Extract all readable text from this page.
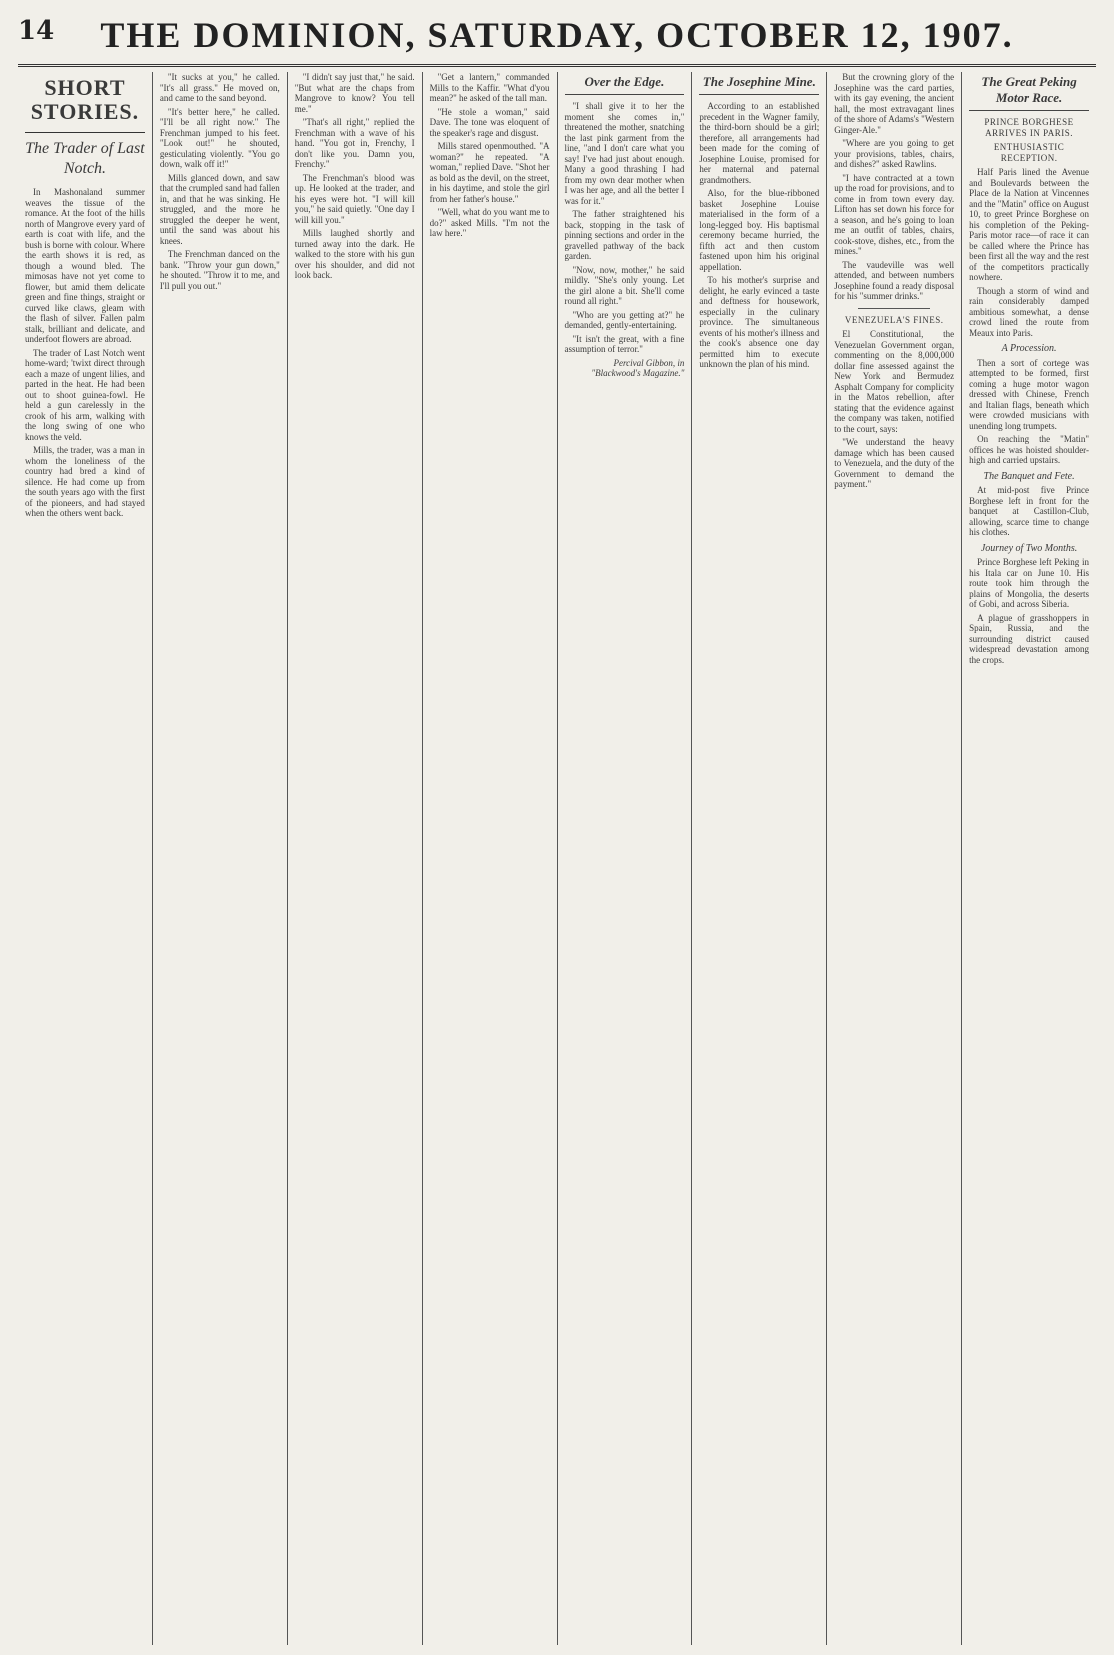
14	THE DOMINION, SATURDAY, OCTOBER 12, 1907.
SHORT STORIES.
The Trader of Last Notch.

In Mashonaland summer weaves the tissue of the romance. At the foot of the hills north of Mangrove every yard of earth is coat with life, and the bush is borne with colour. Where the earth shows it is red, as though a wound bled. The mimosas have not yet come to flower, but amid them delicate green and fine things, straight or curved like claws, gleam with the flash of silver. Fallen palm stalk, brilliant and delicate, and underfoot flowers are abroad.

The trader of Last Notch went home-ward; 'twixt direct through each a maze of ungent lilies, and parted in the heat. He had been out to shoot guinea-fowl. He held a gun carelessly in the crook of his arm, walking with the long swing of one who knows the veld.

Mills, the trader, was a man in whom the loneliness of the country had bred a kind of silence. He had come up from the south years ago with the first of the pioneers, and had stayed when the others went back.

"It sucks at you," he called. "It's all grass." He moved on, and came to the sand beyond.

"It's better here," he called. "I'll be all right now." The Frenchman jumped to his feet. "Look out!" he shouted, gesticulating violently. "You go down, walk off it!"

Mills glanced down, and saw that the crumpled sand had fallen in, and that he was sinking. He struggled, and the more he struggled the deeper he went, until the sand was about his knees.

The Frenchman danced on the bank. "Throw your gun down," he shouted. "Throw it to me, and I'll pull you out."

"I didn't say just that," he said. "But what are the chaps from Mangrove to know? You tell me."

"That's all right," replied the Frenchman with a wave of his hand. "You got in, Frenchy, I don't like you. Damn you, Frenchy."

The Frenchman's blood was up. He looked at the trader, and his eyes were hot. "I will kill you," he said quietly. "One day I will kill you."

Mills laughed shortly and turned away into the dark. He walked to the store with his gun over his shoulder, and did not look back.

"Get a lantern," commanded Mills to the Kaffir. "What d'you mean?" he asked of the tall man.

"He stole a woman," said Dave. The tone was eloquent of the speaker's rage and disgust.

Mills stared openmouthed. "A woman?" he repeated. "A woman," replied Dave. "Shot her as bold as the devil, on the street, in his daytime, and stole the girl from her father's house."

"Well, what do you want me to do?" asked Mills. "I'm not the law here."

Over the Edge.

"I shall give it to her the moment she comes in," threatened the mother, snatching the last pink garment from the line, "and I don't care what you say! I've had just about enough. Many a good thrashing I had from my own dear mother when I was her age, and all the better I was for it."

The father straightened his back, stopping in the task of pinning sections and order in the gravelled pathway of the back garden.

"Now, now, mother," he said mildly. "She's only young. Let the girl alone a bit. She'll come round all right."

"Who are you getting at?" he demanded, gently-entertaining.

"It isn't the great, with a fine assumption of terror."

Percival Gibbon, in "Blackwood's Magazine."
The Josephine Mine.

According to an established precedent in the Wagner family, the third-born should be a girl; therefore, all arrangements had been made for the coming of Josephine Louise, promised for her maternal and paternal grandmothers.

Also, for the blue-ribboned basket Josephine Louise materialised in the form of a long-legged boy. His baptismal ceremony became hurried, the fifth act and then custom fastened upon him his original appellation.

To his mother's surprise and delight, he early evinced a taste and deftness for housework, especially in the culinary province. The simultaneous events of his mother's illness and the cook's absence one day permitted him to execute unknown the plan of his mind.

But the crowning glory of the Josephine was the card parties, with its gay evening, the ancient hall, the most extravagant lines of the shore of Adams's "Western Ginger-Ale."

"Where are you going to get your provisions, tables, chairs, and dishes?" asked Rawlins.

"I have contracted at a town up the road for provisions, and to come in from town every day. Lifton has set down his force for a season, and he's going to loan me an outfit of tables, chairs, cook-stove, dishes, etc., from the mines."

The vaudeville was well attended, and between numbers Josephine found a ready disposal for his "summer drinks."

VENEZUELA'S FINES.

El Constitutional, the Venezuelan Government organ, commenting on the 8,000,000 dollar fine assessed against the New York and Bermudez Asphalt Company for complicity in the Matos rebellion, after stating that the evidence against the company was taken, notified to the court, says:

"We understand the heavy damage which has been caused to Venezuela, and the duty of the Government to demand the payment."

The Great Peking Motor Race.
PRINCE BORGHESE ARRIVES IN PARIS.
ENTHUSIASTIC RECEPTION.

Half Paris lined the Avenue and Boulevards between the Place de la Nation at Vincennes and the "Matin" office on August 10, to greet Prince Borghese on his completion of the Peking-Paris motor race—of race it can be called where the Prince has been first all the way and the rest of the competitors practically nowhere.

Though a storm of wind and rain considerably damped ambitious somewhat, a dense crowd lined the route from Meaux into Paris.

A Procession.

Then a sort of cortege was attempted to be formed, first coming a huge motor wagon dressed with Chinese, French and Italian flags, beneath which were crowded musicians with unending long trumpets.

On reaching the "Matin" offices he was hoisted shoulder-high and carried upstairs.

The Banquet and Fete.

At mid-post five Prince Borghese left in front for the banquet at Castillon-Club, allowing, scarce time to change his clothes.

Journey of Two Months.

Prince Borghese left Peking in his Itala car on June 10. His route took him through the plains of Mongolia, the deserts of Gobi, and across Siberia.

A plague of grasshoppers in Spain, Russia, and the surrounding district caused widespread devastation among the crops.
